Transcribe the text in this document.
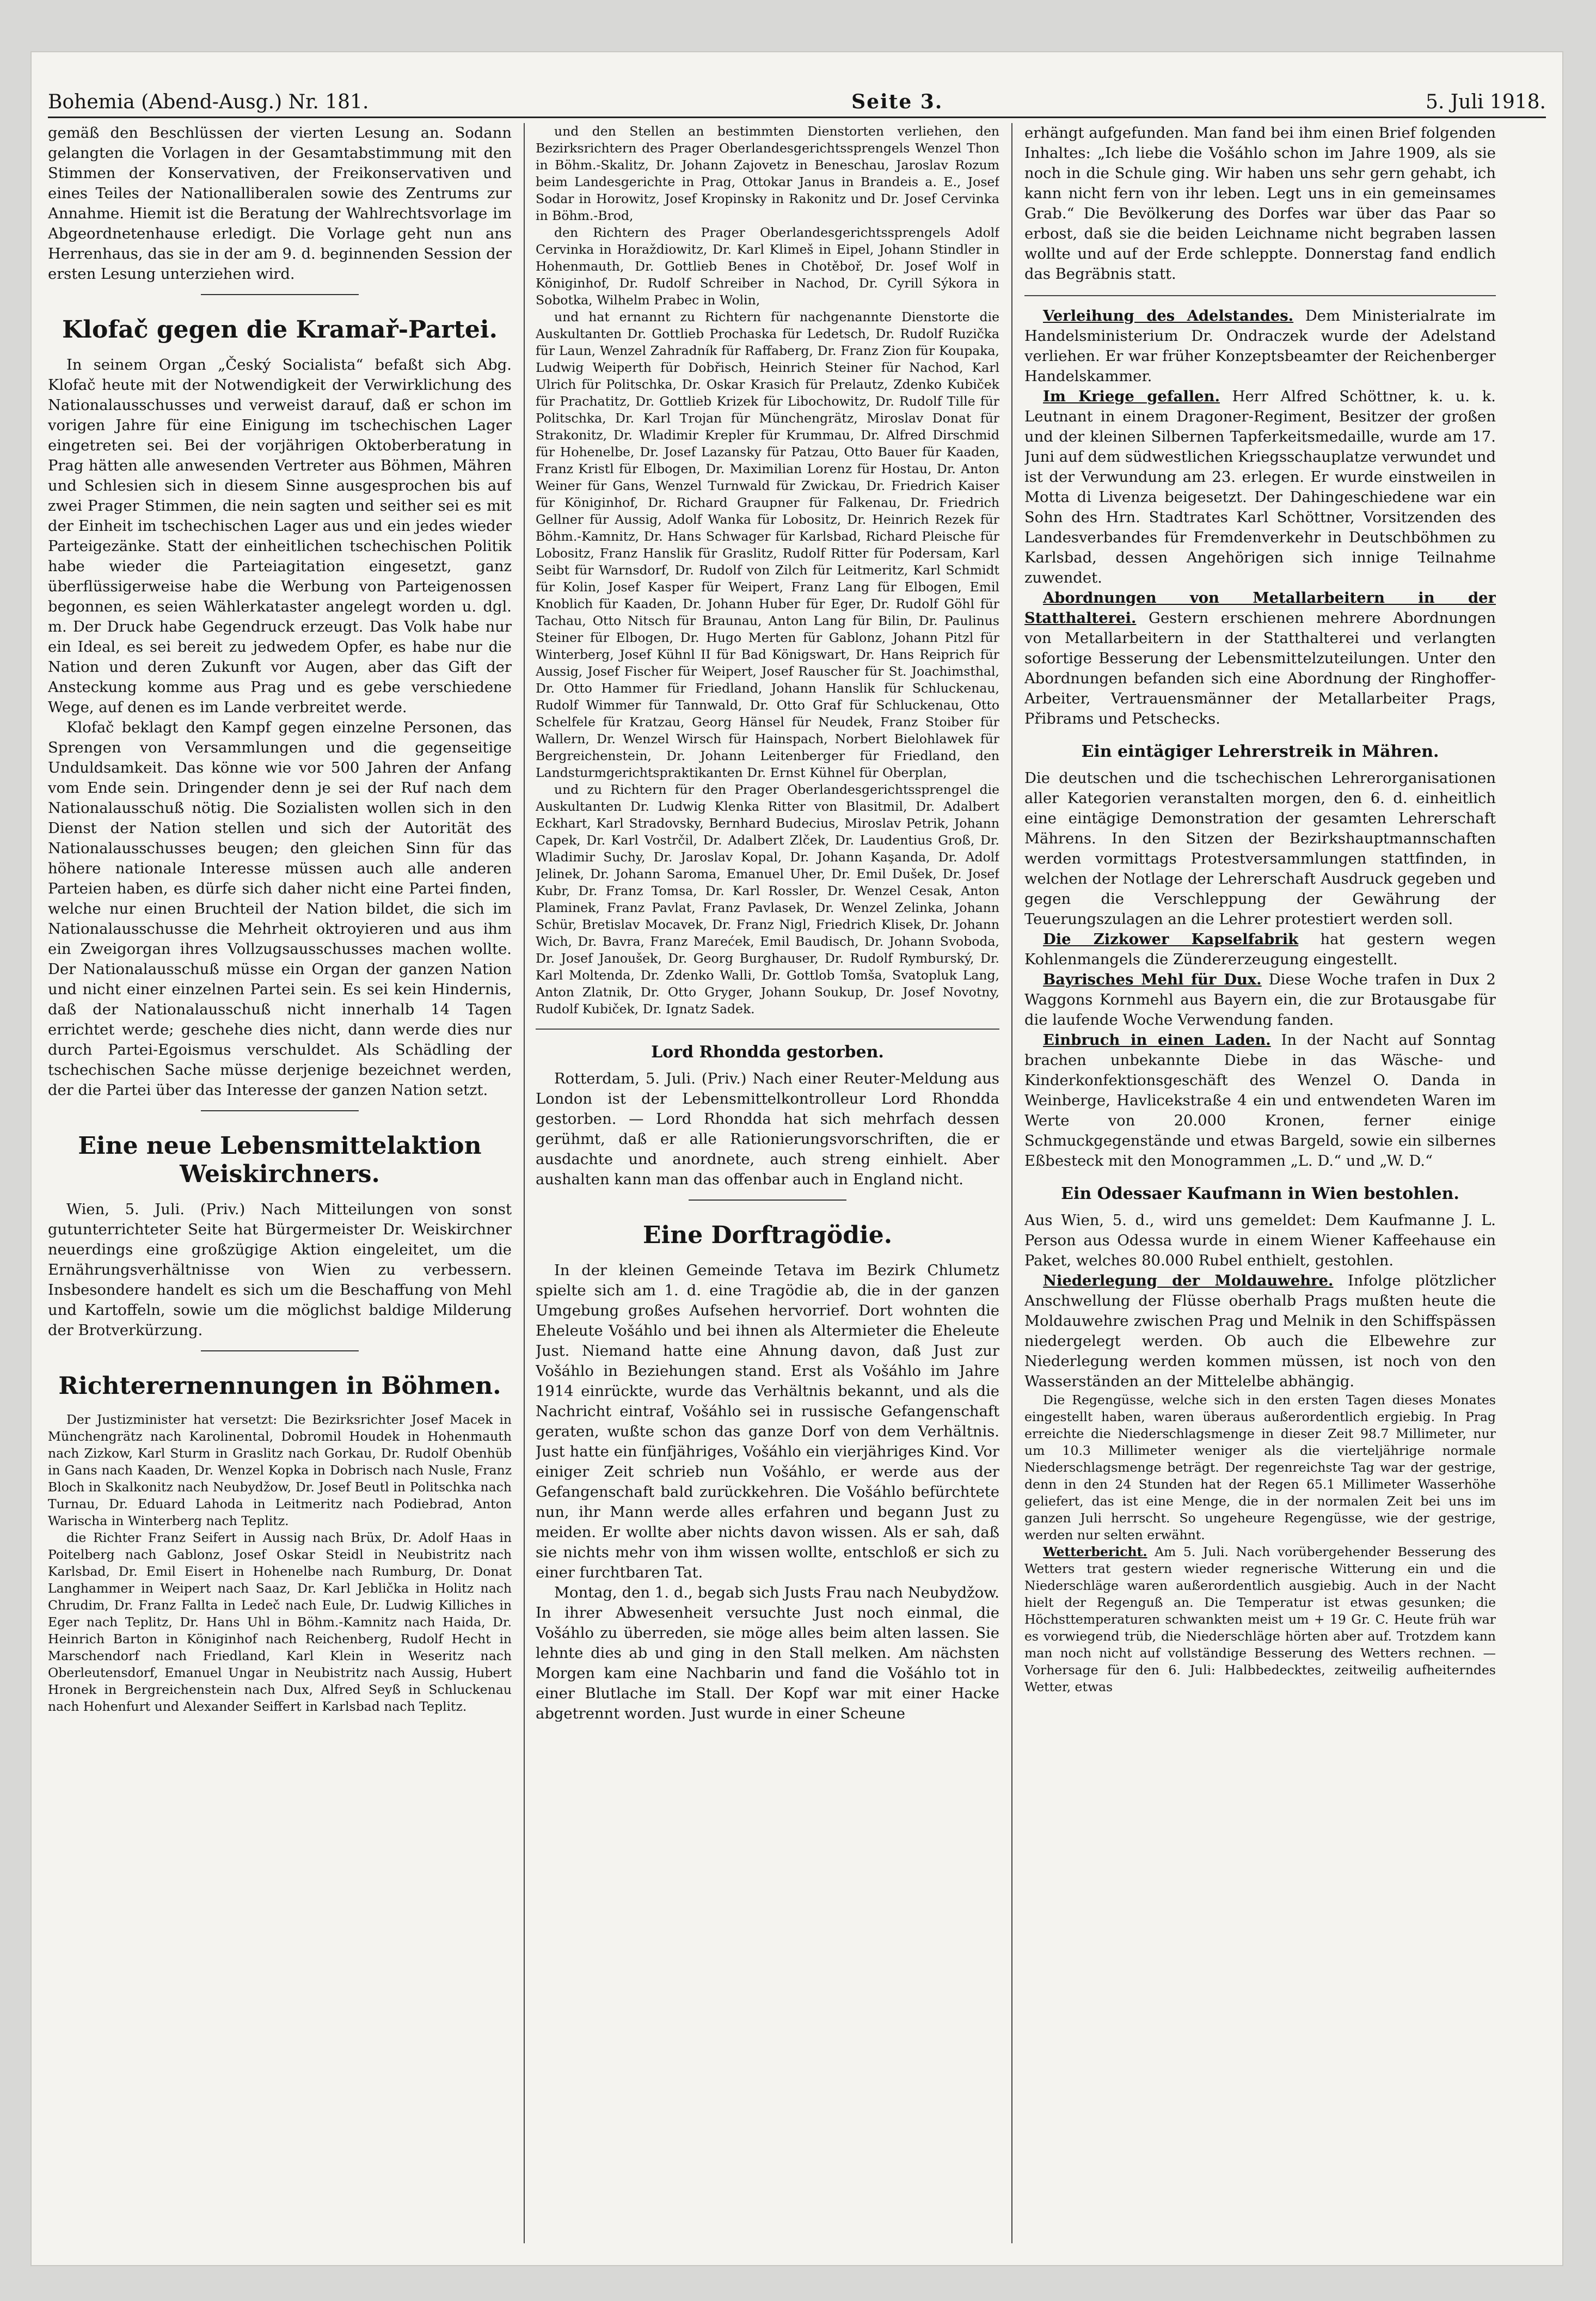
Bohemia (Abend-Ausg.) Nr. 181.	Seite 3.	5. Juli 1918.

gemäß den Beschlüssen der vierten Lesung an. Sodann gelangten die Vorlagen in der Gesamtabstimmung mit den Stimmen der Konservativen, der Freikonservativen und eines Teiles der Nationalliberalen sowie des Zentrums zur Annahme. Hiemit ist die Beratung der Wahlrechtsvorlage im Abgeordnetenhause erledigt. Die Vorlage geht nun ans Herrenhaus, das sie in der am 9. d. beginnenden Session der ersten Lesung unterziehen wird.

Klofač gegen die Kramař-Partei.

In seinem Organ „Český Socialista“ befaßt sich Abg. Klofač heute mit der Notwendigkeit der Verwirklichung des Nationalausschusses und verweist darauf, daß er schon im vorigen Jahre für eine Einigung im tschechischen Lager eingetreten sei. Bei der vorjährigen Oktoberberatung in Prag hätten alle anwesenden Vertreter aus Böhmen, Mähren und Schlesien sich in diesem Sinne ausgesprochen bis auf zwei Prager Stimmen, die nein sagten und seither sei es mit der Einheit im tschechischen Lager aus und ein jedes wieder Parteigezänke. Statt der einheitlichen tschechischen Politik habe wieder die Parteiagitation eingesetzt, ganz überflüssigerweise habe die Werbung von Parteigenossen begonnen, es seien Wählerkataster angelegt worden u. dgl. m. Der Druck habe Gegendruck erzeugt. Das Volk habe nur ein Ideal, es sei bereit zu jedwedem Opfer, es habe nur die Nation und deren Zukunft vor Augen, aber das Gift der Ansteckung komme aus Prag und es gebe verschiedene Wege, auf denen es im Lande verbreitet werde.

Klofač beklagt den Kampf gegen einzelne Personen, das Sprengen von Versammlungen und die gegenseitige Unduldsamkeit. Das könne wie vor 500 Jahren der Anfang vom Ende sein. Dringender denn je sei der Ruf nach dem Nationalausschuß nötig. Die Sozialisten wollen sich in den Dienst der Nation stellen und sich der Autorität des Nationalausschusses beugen; den gleichen Sinn für das höhere nationale Interesse müssen auch alle anderen Parteien haben, es dürfe sich daher nicht eine Partei finden, welche nur einen Bruchteil der Nation bildet, die sich im Nationalausschusse die Mehrheit oktroyieren und aus ihm ein Zweigorgan ihres Vollzugsausschusses machen wollte. Der Nationalausschuß müsse ein Organ der ganzen Nation und nicht einer einzelnen Partei sein. Es sei kein Hindernis, daß der Nationalausschuß nicht innerhalb 14 Tagen errichtet werde; geschehe dies nicht, dann werde dies nur durch Partei-Egoismus verschuldet. Als Schädling der tschechischen Sache müsse derjenige bezeichnet werden, der die Partei über das Interesse der ganzen Nation setzt.

Eine neue Lebensmittelaktion Weiskirchners.

Wien, 5. Juli. (Priv.) Nach Mitteilungen von sonst gutunterrichteter Seite hat Bürgermeister Dr. Weiskirchner neuerdings eine großzügige Aktion eingeleitet, um die Ernährungsverhältnisse von Wien zu verbessern. Insbesondere handelt es sich um die Beschaffung von Mehl und Kartoffeln, sowie um die möglichst baldige Milderung der Brotverkürzung.

Richterernennungen in Böhmen.

Der Justizminister hat versetzt: Die Bezirksrichter Josef Macek in Münchengrätz nach Karolinental, Dobromil Houdek in Hohenmauth nach Zizkow, Karl Sturm in Graslitz nach Gorkau, Dr. Rudolf Obenhüb in Gans nach Kaaden, Dr. Wenzel Kopka in Dobrisch nach Nusle, Franz Bloch in Skalkonitz nach Neubydžow, Dr. Josef Beutl in Politschka nach Turnau, Dr. Eduard Lahoda in Leitmeritz nach Podiebrad, Anton Warischa in Winterberg nach Teplitz.

die Richter Franz Seifert in Aussig nach Brüx, Dr. Adolf Haas in Poitelberg nach Gablonz, Josef Oskar Steidl in Neubistritz nach Karlsbad, Dr. Emil Eisert in Hohenelbe nach Rumburg, Dr. Donat Langhammer in Weipert nach Saaz, Dr. Karl Jeblička in Holitz nach Chrudim, Dr. Franz Fallta in Ledeč nach Eule, Dr. Ludwig Killiches in Eger nach Teplitz, Dr. Hans Uhl in Böhm.-Kamnitz nach Haida, Dr. Heinrich Barton in Königinhof nach Reichenberg, Rudolf Hecht in Marschendorf nach Friedland, Karl Klein in Weseritz nach Oberleutensdorf, Emanuel Ungar in Neubistritz nach Aussig, Hubert Hronek in Bergreichenstein nach Dux, Alfred Seyß in Schluckenau nach Hohenfurt und Alexander Seiffert in Karlsbad nach Teplitz.

und den Stellen an bestimmten Dienstorten verliehen, den Bezirksrichtern des Prager Oberlandesgerichtssprengels Wenzel Thon in Böhm.-Skalitz, Dr. Johann Zajovetz in Beneschau, Jaroslav Rozum beim Landesgerichte in Prag, Ottokar Janus in Brandeis a. E., Josef Sodar in Horowitz, Josef Kropinsky in Rakonitz und Dr. Josef Cervinka in Böhm.-Brod,

den Richtern des Prager Oberlandesgerichtssprengels Adolf Cervinka in Horaždiowitz, Dr. Karl Klimeš in Eipel, Johann Stindler in Hohenmauth, Dr. Gottlieb Benes in Chotěboř, Dr. Josef Wolf in Königinhof, Dr. Rudolf Schreiber in Nachod, Dr. Cyrill Sýkora in Sobotka, Wilhelm Prabec in Wolin,

und hat ernannt zu Richtern für nachgenannte Dienstorte die Auskultanten Dr. Gottlieb Prochaska für Ledetsch, Dr. Rudolf Ruzička für Laun, Wenzel Zahradník für Raffaberg, Dr. Franz Zion für Koupaka, Ludwig Weiperth für Dobřisch, Heinrich Steiner für Nachod, Karl Ulrich für Politschka, Dr. Oskar Krasich für Prelautz, Zdenko Kubiček für Prachatitz, Dr. Gottlieb Krizek für Libochowitz, Dr. Rudolf Tille für Politschka, Dr. Karl Trojan für Münchengrätz, Miroslav Donat für Strakonitz, Dr. Wladimir Krepler für Krummau, Dr. Alfred Dirschmid für Hohenelbe, Dr. Josef Lazansky für Patzau, Otto Bauer für Kaaden, Franz Kristl für Elbogen, Dr. Maximilian Lorenz für Hostau, Dr. Anton Weiner für Gans, Wenzel Turnwald für Zwickau, Dr. Friedrich Kaiser für Königinhof, Dr. Richard Graupner für Falkenau, Dr. Friedrich Gellner für Aussig, Adolf Wanka für Lobositz, Dr. Heinrich Rezek für Böhm.-Kamnitz, Dr. Hans Schwager für Karlsbad, Richard Pleische für Lobositz, Franz Hanslik für Graslitz, Rudolf Ritter für Podersam, Karl Seibt für Warnsdorf, Dr. Rudolf von Zilch für Leitmeritz, Karl Schmidt für Kolin, Josef Kasper für Weipert, Franz Lang für Elbogen, Emil Knoblich für Kaaden, Dr. Johann Huber für Eger, Dr. Rudolf Göhl für Tachau, Otto Nitsch für Braunau, Anton Lang für Bilin, Dr. Paulinus Steiner für Elbogen, Dr. Hugo Merten für Gablonz, Johann Pitzl für Winterberg, Josef Kühnl II für Bad Königswart, Dr. Hans Reiprich für Aussig, Josef Fischer für Weipert, Josef Rauscher für St. Joachimsthal, Dr. Otto Hammer für Friedland, Johann Hanslik für Schluckenau, Rudolf Wimmer für Tannwald, Dr. Otto Graf für Schluckenau, Otto Schelfele für Kratzau, Georg Hänsel für Neudek, Franz Stoiber für Wallern, Dr. Wenzel Wirsch für Hainspach, Norbert Bielohlawek für Bergreichenstein, Dr. Johann Leitenberger für Friedland, den Landsturmgerichtspraktikanten Dr. Ernst Kühnel für Oberplan,

und zu Richtern für den Prager Oberlandesgerichtssprengel die Auskultanten Dr. Ludwig Klenka Ritter von Blasitmil, Dr. Adalbert Eckhart, Karl Stradovsky, Bernhard Budecius, Miroslav Petrik, Johann Capek, Dr. Karl Vostrčil, Dr. Adalbert Zlček, Dr. Laudentius Groß, Dr. Wladimir Suchy, Dr. Jaroslav Kopal, Dr. Johann Kaşanda, Dr. Adolf Jelinek, Dr. Johann Saroma, Emanuel Uher, Dr. Emil Dušek, Dr. Josef Kubr, Dr. Franz Tomsa, Dr. Karl Rossler, Dr. Wenzel Cesak, Anton Plaminek, Franz Pavlat, Franz Pavlasek, Dr. Wenzel Zelinka, Johann Schür, Bretislav Mocavek, Dr. Franz Nigl, Friedrich Klisek, Dr. Johann Wich, Dr. Bavra, Franz Marećek, Emil Baudisch, Dr. Johann Svoboda, Dr. Josef Janoušek, Dr. Georg Burghauser, Dr. Rudolf Rymburský, Dr. Karl Moltenda, Dr. Zdenko Walli, Dr. Gottlob Tomša, Svatopluk Lang, Anton Zlatnik, Dr. Otto Gryger, Johann Soukup, Dr. Josef Novotny, Rudolf Kubiček, Dr. Ignatz Sadek.

Lord Rhondda gestorben.

Rotterdam, 5. Juli. (Priv.) Nach einer Reuter-Meldung aus London ist der Lebensmittelkontrolleur Lord Rhondda gestorben. — Lord Rhondda hat sich mehrfach dessen gerühmt, daß er alle Rationierungsvorschriften, die er ausdachte und anordnete, auch streng einhielt. Aber aushalten kann man das offenbar auch in England nicht.

Eine Dorftragödie.

In der kleinen Gemeinde Tetava im Bezirk Chlumetz spielte sich am 1. d. eine Tragödie ab, die in der ganzen Umgebung großes Aufsehen hervorrief. Dort wohnten die Eheleute Vošáhlo und bei ihnen als Altermieter die Eheleute Just. Niemand hatte eine Ahnung davon, daß Just zur Vošáhlo in Beziehungen stand. Erst als Vošáhlo im Jahre 1914 einrückte, wurde das Verhältnis bekannt, und als die Nachricht eintraf, Vošáhlo sei in russische Gefangenschaft geraten, wußte schon das ganze Dorf von dem Verhältnis. Just hatte ein fünfjähriges, Vošáhlo ein vierjähriges Kind. Vor einiger Zeit schrieb nun Vošáhlo, er werde aus der Gefangenschaft bald zurückkehren. Die Vošáhlo befürchtete nun, ihr Mann werde alles erfahren und begann Just zu meiden. Er wollte aber nichts davon wissen. Als er sah, daß sie nichts mehr von ihm wissen wollte, entschloß er sich zu einer furchtbaren Tat.

Montag, den 1. d., begab sich Justs Frau nach Neubydžow. In ihrer Abwesenheit versuchte Just noch einmal, die Vošáhlo zu überreden, sie möge alles beim alten lassen. Sie lehnte dies ab und ging in den Stall melken. Am nächsten Morgen kam eine Nachbarin und fand die Vošáhlo tot in einer Blutlache im Stall. Der Kopf war mit einer Hacke abgetrennt worden. Just wurde in einer Scheune

erhängt aufgefunden. Man fand bei ihm einen Brief folgenden Inhaltes: „Ich liebe die Vošáhlo schon im Jahre 1909, als sie noch in die Schule ging. Wir haben uns sehr gern gehabt, ich kann nicht fern von ihr leben. Legt uns in ein gemeinsames Grab.“ Die Bevölkerung des Dorfes war über das Paar so erbost, daß sie die beiden Leichname nicht begraben lassen wollte und auf der Erde schleppte. Donnerstag fand endlich das Begräbnis statt.

Verleihung des Adelstandes. Dem Ministerialrate im Handelsministerium Dr. Ondraczek wurde der Adelstand verliehen. Er war früher Konzeptsbeamter der Reichenberger Handelskammer.

Im Kriege gefallen. Herr Alfred Schöttner, k. u. k. Leutnant in einem Dragoner-Regiment, Besitzer der großen und der kleinen Silbernen Tapferkeitsmedaille, wurde am 17. Juni auf dem südwestlichen Kriegsschauplatze verwundet und ist der Verwundung am 23. erlegen. Er wurde einstweilen in Motta di Livenza beigesetzt. Der Dahingeschiedene war ein Sohn des Hrn. Stadtrates Karl Schöttner, Vorsitzenden des Landesverbandes für Fremdenverkehr in Deutschböhmen zu Karlsbad, dessen Angehörigen sich innige Teilnahme zuwendet.

Abordnungen von Metallarbeitern in der Statthalterei. Gestern erschienen mehrere Abordnungen von Metallarbeitern in der Statthalterei und verlangten sofortige Besserung der Lebensmittelzuteilungen. Unter den Abordnungen befanden sich eine Abordnung der Ringhoffer-Arbeiter, Vertrauensmänner der Metallarbeiter Prags, Přibrams und Petschecks.

Ein eintägiger Lehrerstreik in Mähren.

Die deutschen und die tschechischen Lehrerorganisationen aller Kategorien veranstalten morgen, den 6. d. einheitlich eine eintägige Demonstration der gesamten Lehrerschaft Mährens. In den Sitzen der Bezirkshauptmannschaften werden vormittags Protestversammlungen stattfinden, in welchen der Notlage der Lehrerschaft Ausdruck gegeben und gegen die Verschleppung der Gewährung der Teuerungszulagen an die Lehrer protestiert werden soll.

Die Zizkower Kapselfabrik hat gestern wegen Kohlenmangels die Zündererzeugung eingestellt.

Bayrisches Mehl für Dux. Diese Woche trafen in Dux 2 Waggons Kornmehl aus Bayern ein, die zur Brotausgabe für die laufende Woche Verwendung fanden.

Einbruch in einen Laden. In der Nacht auf Sonntag brachen unbekannte Diebe in das Wäsche- und Kinderkonfektionsgeschäft des Wenzel O. Danda in Weinberge, Havlicekstraße 4 ein und entwendeten Waren im Werte von 20.000 Kronen, ferner einige Schmuckgegenstände und etwas Bargeld, sowie ein silbernes Eßbesteck mit den Monogrammen „L. D.“ und „W. D.“

Ein Odessaer Kaufmann in Wien bestohlen.

Aus Wien, 5. d., wird uns gemeldet: Dem Kaufmanne J. L. Person aus Odessa wurde in einem Wiener Kaffeehause ein Paket, welches 80.000 Rubel enthielt, gestohlen.

Niederlegung der Moldauwehre. Infolge plötzlicher Anschwellung der Flüsse oberhalb Prags mußten heute die Moldauwehre zwischen Prag und Melnik in den Schiffspässen niedergelegt werden. Ob auch die Elbewehre zur Niederlegung werden kommen müssen, ist noch von den Wasserständen an der Mittelelbe abhängig.

Die Regengüsse, welche sich in den ersten Tagen dieses Monates eingestellt haben, waren überaus außerordentlich ergiebig. In Prag erreichte die Niederschlagsmenge in dieser Zeit 98.7 Millimeter, nur um 10.3 Millimeter weniger als die vierteljährige normale Niederschlagsmenge beträgt. Der regenreichste Tag war der gestrige, denn in den 24 Stunden hat der Regen 65.1 Millimeter Wasserhöhe geliefert, das ist eine Menge, die in der normalen Zeit bei uns im ganzen Juli herrscht. So ungeheure Regengüsse, wie der gestrige, werden nur selten erwähnt.

Wetterbericht. Am 5. Juli. Nach vorübergehender Besserung des Wetters trat gestern wieder regnerische Witterung ein und die Niederschläge waren außerordentlich ausgiebig. Auch in der Nacht hielt der Regenguß an. Die Temperatur ist etwas gesunken; die Höchsttemperaturen schwankten meist um + 19 Gr. C. Heute früh war es vorwiegend trüb, die Niederschläge hörten aber auf. Trotzdem kann man noch nicht auf vollständige Besserung des Wetters rechnen. — Vorhersage für den 6. Juli: Halbbedecktes, zeitweilig aufheiterndes Wetter, etwas
